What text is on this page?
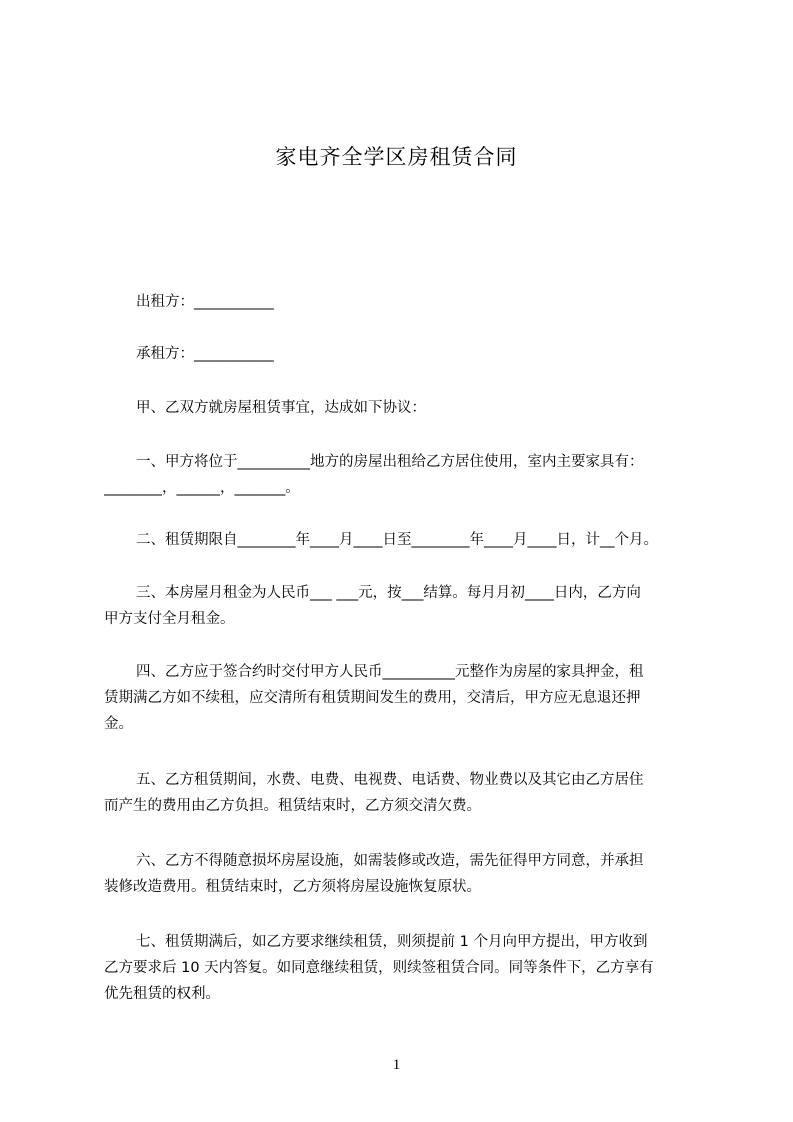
家电齐全学区房租赁合同
出租方：___________
承租方：___________
甲、乙双方就房屋租赁事宜，达成如下协议：
一、甲方将位于__________地方的房屋出租给乙方居住使用，室内主要家具有：
________，______，_______。
二、租赁期限自________年____月____日至________年____月____日，计__个月。
三、本房屋月租金为人民币___ ___元，按___结算。每月月初____日内，乙方向
甲方支付全月租金。
四、乙方应于签合约时交付甲方人民币__________元整作为房屋的家具押金，租
赁期满乙方如不续租，应交清所有租赁期间发生的费用，交清后，甲方应无息退还押
金。
五、乙方租赁期间，水费、电费、电视费、电话费、物业费以及其它由乙方居住
而产生的费用由乙方负担。租赁结束时，乙方须交清欠费。
六、乙方不得随意损坏房屋设施，如需装修或改造，需先征得甲方同意，并承担
装修改造费用。租赁结束时，乙方须将房屋设施恢复原状。
七、租赁期满后，如乙方要求继续租赁，则须提前 1 个月向甲方提出，甲方收到
乙方要求后 10 天内答复。如同意继续租赁，则续签租赁合同。同等条件下，乙方享有
优先租赁的权利。
1
